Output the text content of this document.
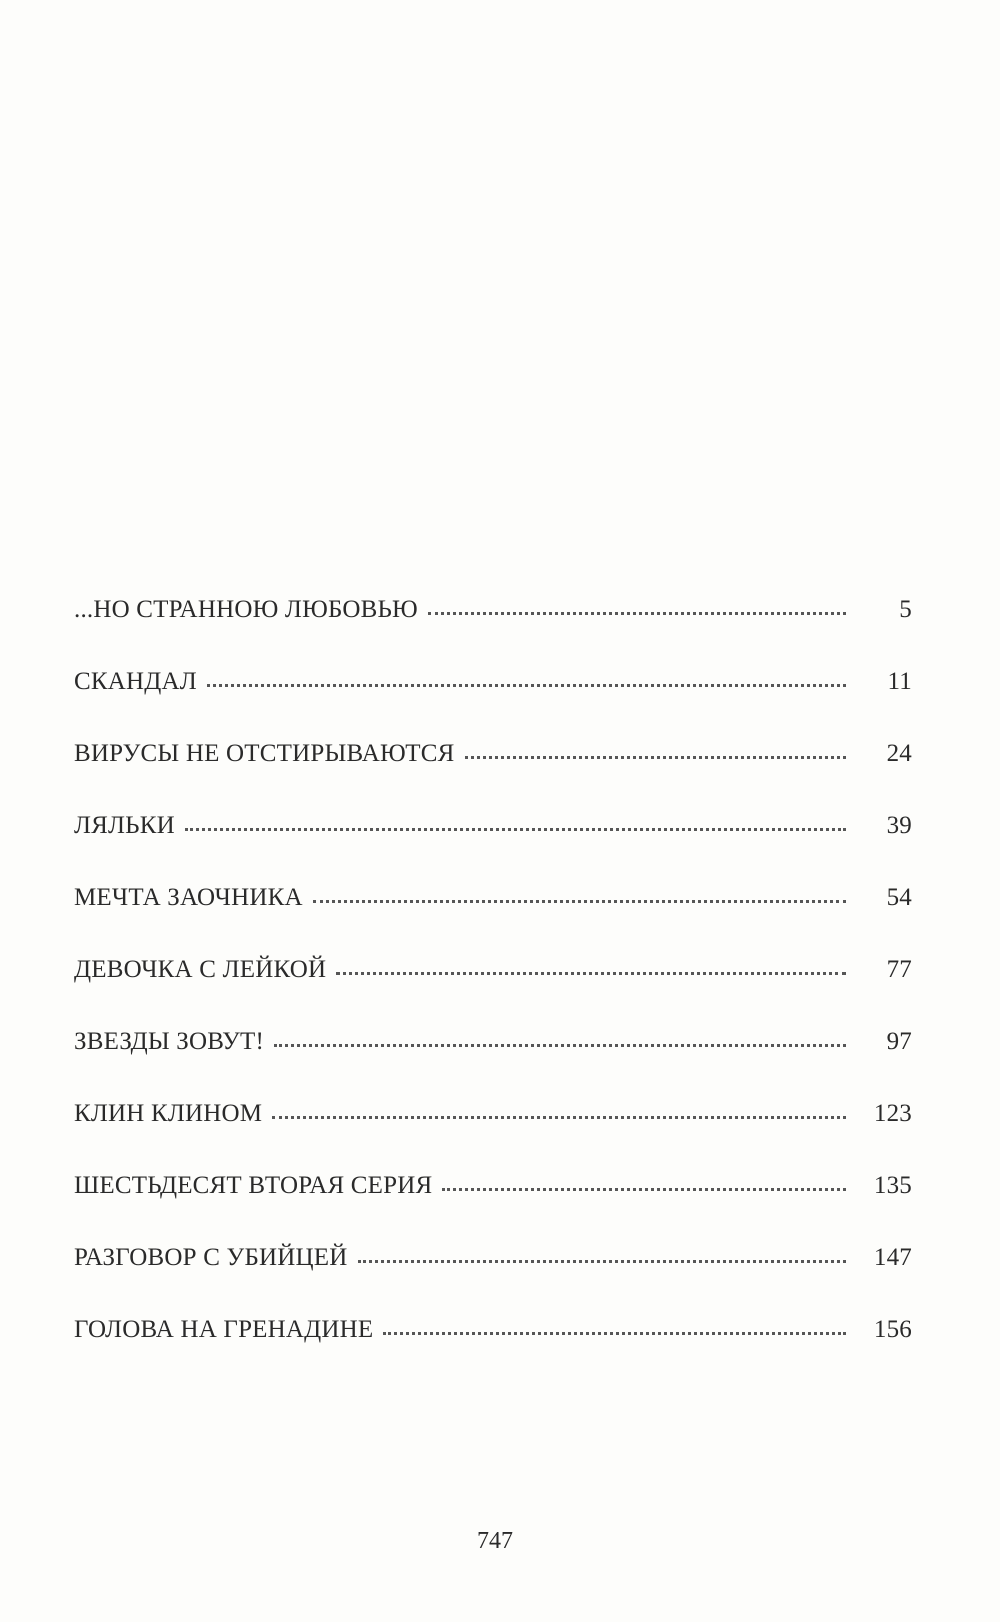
...НО СТРАННОЮ ЛЮБОВЬЮ	5
СКАНДАЛ	11
ВИРУСЫ НЕ ОТСТИРЫВАЮТСЯ	24
ЛЯЛЬКИ	39
МЕЧТА ЗАОЧНИКА	54
ДЕВОЧКА С ЛЕЙКОЙ	77
ЗВЕЗДЫ ЗОВУТ!	97
КЛИН КЛИНОМ	123
ШЕСТЬДЕСЯТ ВТОРАЯ СЕРИЯ	135
РАЗГОВОР С УБИЙЦЕЙ	147
ГОЛОВА НА ГРЕНАДИНЕ	156
747
